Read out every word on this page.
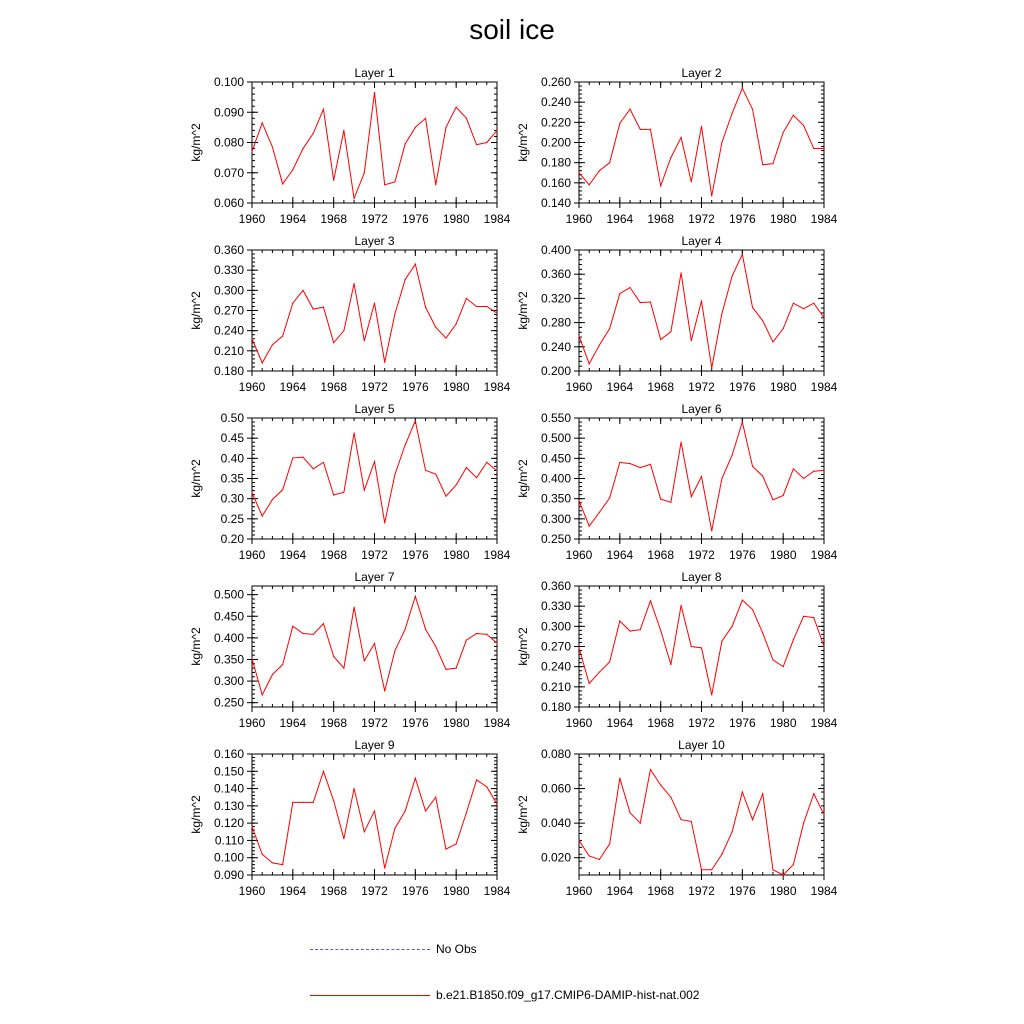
soil ice
Layer 1
kg/m^2
1960 1964 1968 1972 1976 1980 1984
0.060
0.070
0.080
0.090
0.100
Layer 2
kg/m^2
1960 1964 1968 1972 1976 1980 1984
0.140
0.160
0.180
0.200
0.220
0.240
0.260
Layer 3
kg/m^2
1960 1964 1968 1972 1976 1980 1984
0.180
0.210
0.240
0.270
0.300
0.330
0.360
Layer 4
kg/m^2
1960 1964 1968 1972 1976 1980 1984
0.200
0.240
0.280
0.320
0.360
0.400
Layer 5
kg/m^2
1960 1964 1968 1972 1976 1980 1984
0.20
0.25
0.30
0.35
0.40
0.45
0.50
Layer 6
kg/m^2
1960 1964 1968 1972 1976 1980 1984
0.250
0.300
0.350
0.400
0.450
0.500
0.550
Layer 7
kg/m^2
1960 1964 1968 1972 1976 1980 1984
0.250
0.300
0.350
0.400
0.450
0.500
Layer 8
kg/m^2
1960 1964 1968 1972 1976 1980 1984
0.180
0.210
0.240
0.270
0.300
0.330
0.360
Layer 9
kg/m^2
1960 1964 1968 1972 1976 1980 1984
0.090
0.100
0.110
0.120
0.130
0.140
0.150
0.160
Layer 10
kg/m^2
1960 1964 1968 1972 1976 1980 1984
0.020
0.040
0.060
0.080
No Obs
b.e21.B1850.f09_g17.CMIP6-DAMIP-hist-nat.002
